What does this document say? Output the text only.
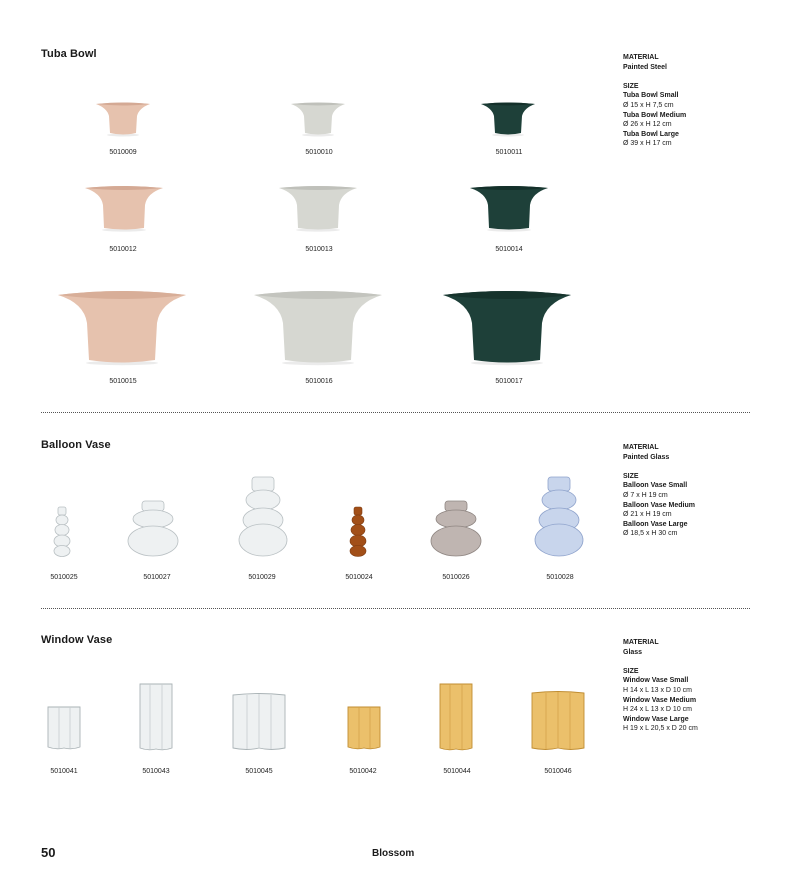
Tuba Bowl	MATERIAL
Painted Steel
SIZE
Tuba Bowl Small
Ø 15 x H 7,5 cm
Tuba Bowl Medium
Ø 26 x H 12 cm
Tuba Bowl Large
Ø 39 x H 17 cm
5010009	5010010	5010011
5010012	5010013	5010014
5010015	5010016	5010017
Balloon Vase	MATERIAL
Painted Glass
SIZE
Balloon Vase Small
Ø 7 x H 19 cm
Balloon Vase Medium
Ø 21 x H 19 cm
Balloon Vase Large
Ø 18,5 x H 30 cm
5010025	5010027	5010029	5010024	5010026	5010028
Window Vase	MATERIAL
Glass
SIZE
Window Vase Small
H 14 x L 13 x D 10 cm
Window Vase Medium
H 24 x L 13 x D 10 cm
Window Vase Large
H 19 x L 20,5 x D 20 cm
5010041	5010043	5010045	5010042	5010044	5010046
50	Blossom
